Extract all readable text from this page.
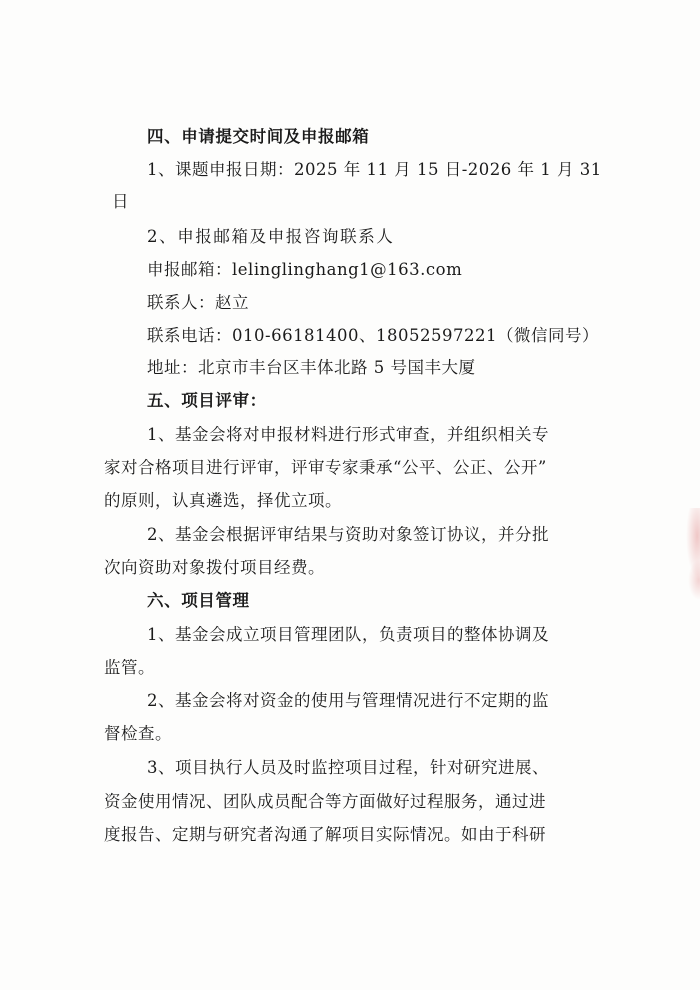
四、申请提交时间及申报邮箱
1、课题申报日期：2025 年 11 月 15 日-2026 年 1 月 31
日
2、申报邮箱及申报咨询联系人
申报邮箱：lelinglinghang1@163.com
联系人：赵立
联系电话：010-66181400、18052597221（微信同号）
地址：北京市丰台区丰体北路 5 号国丰大厦
五、项目评审：
1、基金会将对申报材料进行形式审查，并组织相关专
家对合格项目进行评审，评审专家秉承“公平、公正、公开”
的原则，认真遴选，择优立项。
2、基金会根据评审结果与资助对象签订协议，并分批
次向资助对象拨付项目经费。
六、项目管理
1、基金会成立项目管理团队，负责项目的整体协调及
监管。
2、基金会将对资金的使用与管理情况进行不定期的监
督检查。
3、项目执行人员及时监控项目过程，针对研究进展、
资金使用情况、团队成员配合等方面做好过程服务，通过进
度报告、定期与研究者沟通了解项目实际情况。如由于科研
